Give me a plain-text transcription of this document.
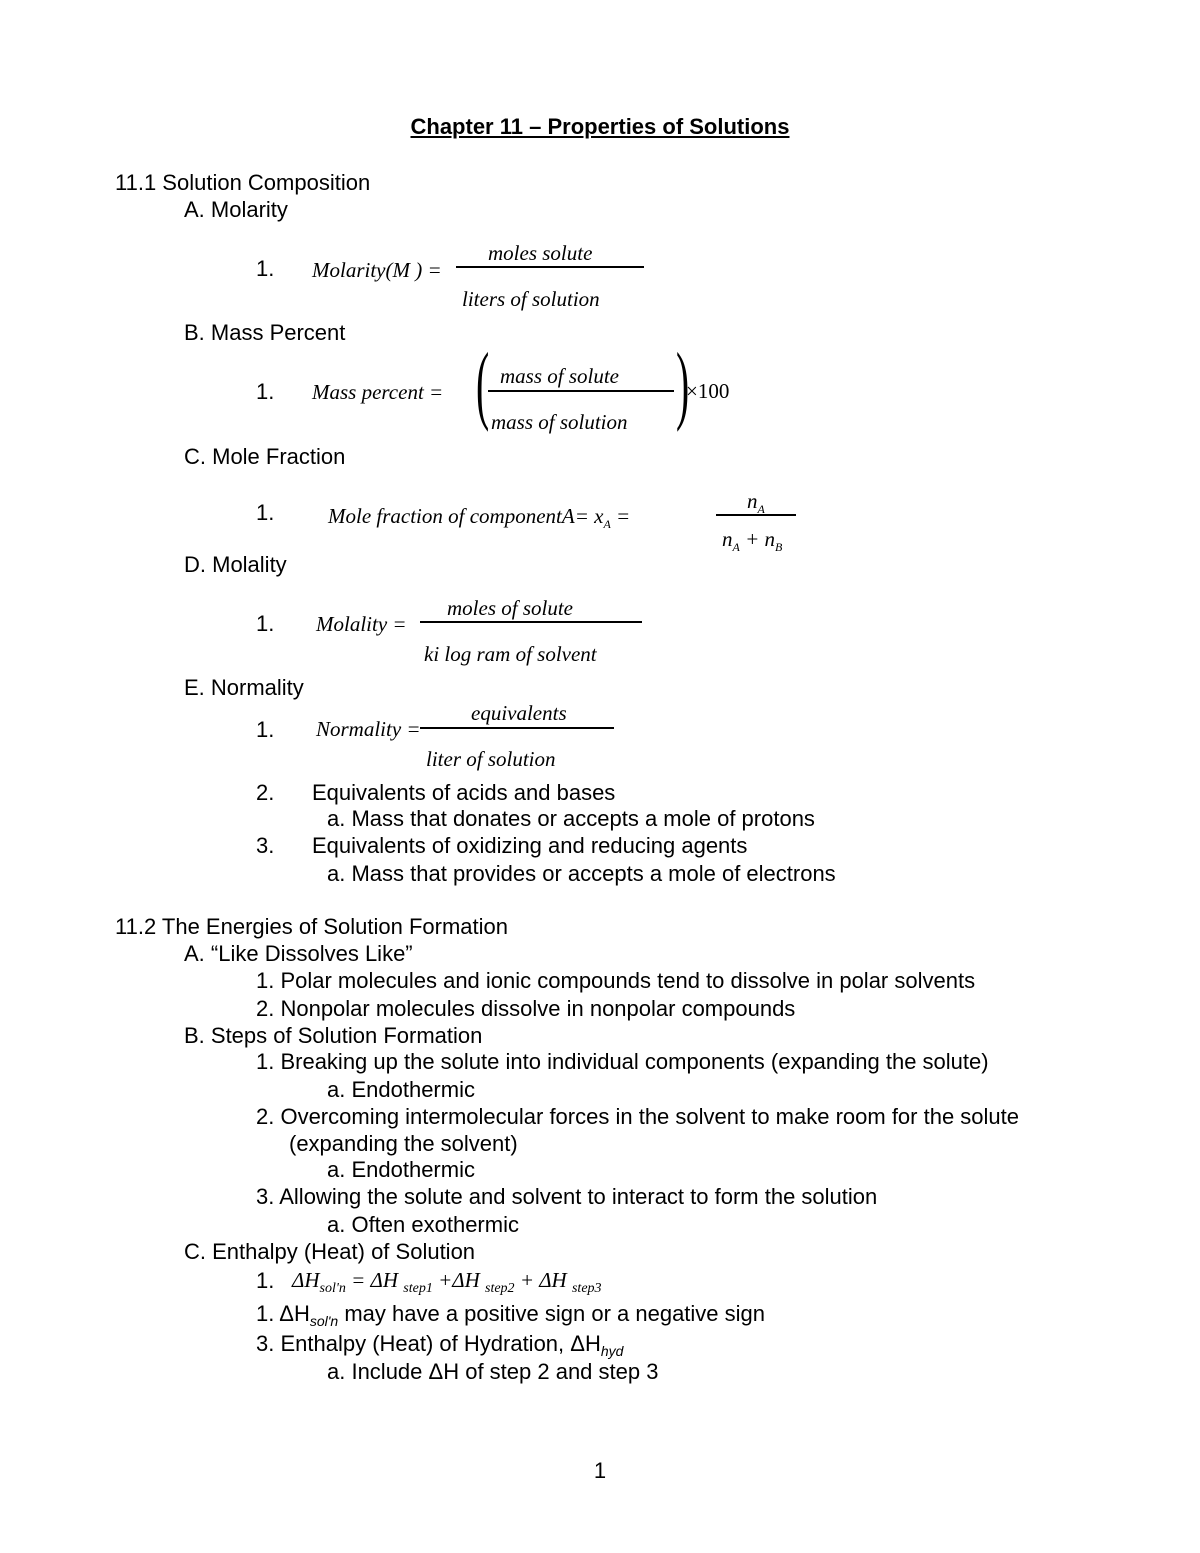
Chapter 11 – Properties of Solutions
11.1 Solution Composition
A. Molarity
1. Molarity(M ) =
moles solute
liters of solution
B. Mass Percent
1. Mass percent = ( mass of solute
mass of solution )
×100
C. Mole Fraction
1.	Mole fraction of componentA= $x_A$ =
$n_A$
$n_A + n_B$
D. Molality
1. Molality =
moles of solute
ki log ram of solvent
E. Normality
1. Normality =
equivalents
liter of solution
2. Equivalents of acids and bases
a. Mass that donates or accepts a mole of protons
3. Equivalents of oxidizing and reducing agents
a. Mass that provides or accepts a mole of electrons
11.2 The Energies of Solution Formation
A. “Like Dissolves Like”
1. Polar molecules and ionic compounds tend to dissolve in polar solvents
2. Nonpolar molecules dissolve in nonpolar compounds
B. Steps of Solution Formation
1. Breaking up the solute into individual components (expanding the solute)
a. Endothermic
2. Overcoming intermolecular forces in the solvent to make room for the solute
(expanding the solvent)
a. Endothermic
3. Allowing the solute and solvent to interact to form the solution
a. Often exothermic
C. Enthalpy (Heat) of Solution
1. $\Delta H_{sol'n} = \Delta H$ $_{step1}$ +ΔH $_{step2}$ + ΔH $_{step3}$
1. $\Delta H_{sol'n}$ may have a positive sign or a negative sign
3. Enthalpy (Heat) of Hydration, $\Delta H_{hyd}$
a. Include ΔH of step 2 and step 3
1
